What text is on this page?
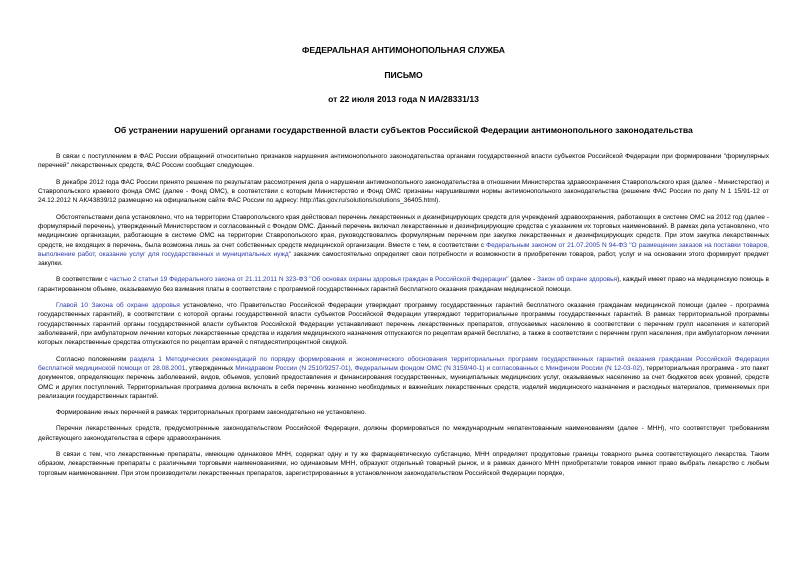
ФЕДЕРАЛЬНАЯ АНТИМОНОПОЛЬНАЯ СЛУЖБА
ПИСЬМО
от 22 июля 2013 года N ИА/28331/13
Об устранении нарушений органами государственной власти субъектов Российской Федерации антимонопольного законодательства

В связи с поступлением в ФАС России обращений относительно признаков нарушения антимонопольного законодательства органами государственной власти субъектов Российской Федерации при формировании "формулярных перечней" лекарственных средств, ФАС России сообщает следующее.

В декабре 2012 года ФАС России принято решение по результатам рассмотрения дела о нарушении антимонопольного законодательства в отношении Министерства здравоохранения Ставропольского края (далее - Министерство) и Ставропольского краевого фонда ОМС (далее - Фонд ОМС), в соответствии с которым Министерство и Фонд ОМС признаны нарушившими нормы антимонопольного законодательства (решение ФАС России по делу N 1 15/91-12 от 24.12.2012 N АК/43839/12 размещено на официальном сайте ФАС России по адресу: http://fas.gov.ru/solutions/solutions_36405.html).

Обстоятельствами дела установлено, что на территории Ставропольского края действовал перечень лекарственных и дезинфицирующих средств для учреждений здравоохранения, работающих в системе ОМС на 2012 год (далее - формулярный перечень), утвержденный Министерством и согласованный с Фондом ОМС. Данный перечень включал лекарственные и дезинфицирующие средства с указанием их торговых наименований. В рамках дела установлено, что медицинские организации, работающие в системе ОМС на территории Ставропольского края, руководствовались формулярным перечнем при закупке лекарственных и дезинфицирующих средств. При этом закупка лекарственных средств, не входящих в перечень, была возможна лишь за счет собственных средств медицинской организации. Вместе с тем, в соответствии с Федеральным законом от 21.07.2005 N 94-ФЗ "О размещении заказов на поставки товаров, выполнение работ, оказание услуг для государственных и муниципальных нужд" заказчик самостоятельно определяет свои потребности и возможности в приобретении товаров, работ, услуг и на основании этого формирует предмет закупки.

В соответствии с частью 2 статьи 19 Федерального закона от 21.11.2011 N 323-ФЗ "Об основах охраны здоровья граждан в Российской Федерации" (далее - Закон об охране здоровья), каждый имеет право на медицинскую помощь в гарантированном объеме, оказываемую без взимания платы в соответствии с программой государственных гарантий бесплатного оказания гражданам медицинской помощи.

Главой 10 Закона об охране здоровья установлено, что Правительство Российской Федерации утверждает программу государственных гарантий бесплатного оказания гражданам медицинской помощи (далее - программа государственных гарантий), в соответствии с которой органы государственной власти субъектов Российской Федерации утверждают территориальные программы государственных гарантий. В рамках территориальной программы государственных гарантий органы государственной власти субъектов Российской Федерации устанавливают перечень лекарственных препаратов, отпускаемых населению в соответствии с перечнем групп населения и категорий заболеваний, при амбулаторном лечении которых лекарственные средства и изделия медицинского назначения отпускаются по рецептам врачей бесплатно, а также в соответствии с перечнем групп населения, при амбулаторном лечении которых лекарственные средства отпускаются по рецептам врачей с пятидесятипроцентной скидкой.

Согласно положениям раздела 1 Методических рекомендаций по порядку формирования и экономического обоснования территориальных программ государственных гарантий оказания гражданам Российской Федерации бесплатной медицинской помощи от 28.08.2001, утвержденных Минздравом России (N 2510/9257-01), Федеральным фондом ОМС (N 3159/40-1) и согласованных с Минфином России (N 12-03-02), территориальная программа - это пакет документов, определяющих перечень заболеваний, видов, объемов, условий предоставления и финансирования государственных, муниципальных медицинских услуг, оказываемых населению за счет бюджетов всех уровней, средств ОМС и других поступлений. Территориальная программа должна включать в себя перечень жизненно необходимых и важнейших лекарственных средств, изделий медицинского назначения и расходных материалов, применяемых при реализации государственных гарантий.

Формирование иных перечней в рамках территориальных программ законодательно не установлено.

Перечни лекарственных средств, предусмотренные законодательством Российской Федерации, должны формироваться по международным непатентованным наименованиям (далее - МНН), что соответствует требованиям действующего законодательства в сфере здравоохранения.

В связи с тем, что лекарственные препараты, имеющие одинаковое МНН, содержат одну и ту же фармацевтическую субстанцию, МНН определяет продуктовые границы товарного рынка соответствующего лекарства. Таким образом, лекарственные препараты с различными торговыми наименованиями, но одинаковым МНН, образуют отдельный товарный рынок, и в рамках данного МНН приобретатели товаров имеют право выбрать лекарство с любым торговым наименованием. При этом производители лекарственных препаратов, зарегистрированных в установленном законодательством Российской Федерации порядке,
